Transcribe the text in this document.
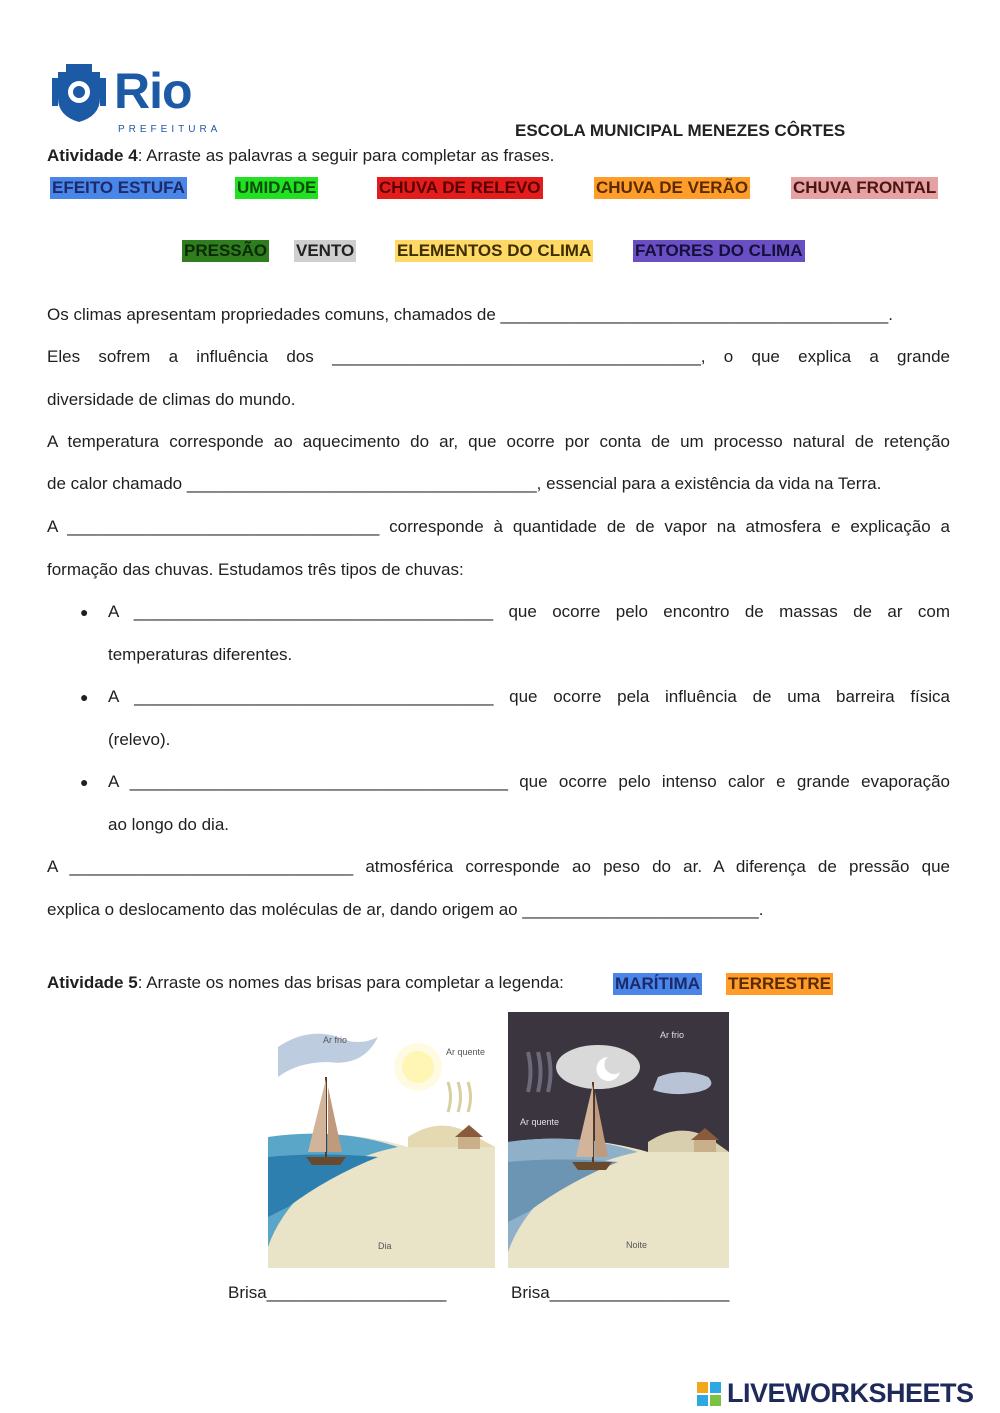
Rio
PREFEITURA	ESCOLA MUNICIPAL MENEZES CÔRTES
Atividade 4: Arraste as palavras a seguir para completar as frases.
EFEITO ESTUFA	UMIDADE	CHUVA DE RELEVO	CHUVA DE VERÃO	CHUVA FRONTAL
PRESSÃO VENTO	ELEMENTOS DO CLIMA	FATORES DO CLIMA
Os climas apresentam propriedades comuns, chamados de _________________________________________.
Eles sofrem a influência dos _______________________________________, o que explica a grande
diversidade de climas do mundo.
A temperatura corresponde ao aquecimento do ar, que ocorre por conta de um processo natural de retenção
de calor chamado _____________________________________, essencial para a existência da vida na Terra.
A _________________________________ corresponde à quantidade de de vapor na atmosfera e explicação a
formação das chuvas. Estudamos três tipos de chuvas:
● A ______________________________________ que ocorre pelo encontro de massas de ar com
temperaturas diferentes.
● A ______________________________________ que ocorre pela influência de uma barreira física
(relevo).
● A ________________________________________ que ocorre pelo intenso calor e grande evaporação
ao longo do dia.
A ______________________________ atmosférica corresponde ao peso do ar. A diferença de pressão que
explica o deslocamento das moléculas de ar, dando origem ao _________________________.
Atividade 5: Arraste os nomes das brisas para completar a legenda:	MARÍTIMA TERRESTRE
Ar frio
Ar quente
Dia
Ar frio
Ar quente
Noite
Brisa___________________	Brisa___________________
LIVEWORKSHEETS
